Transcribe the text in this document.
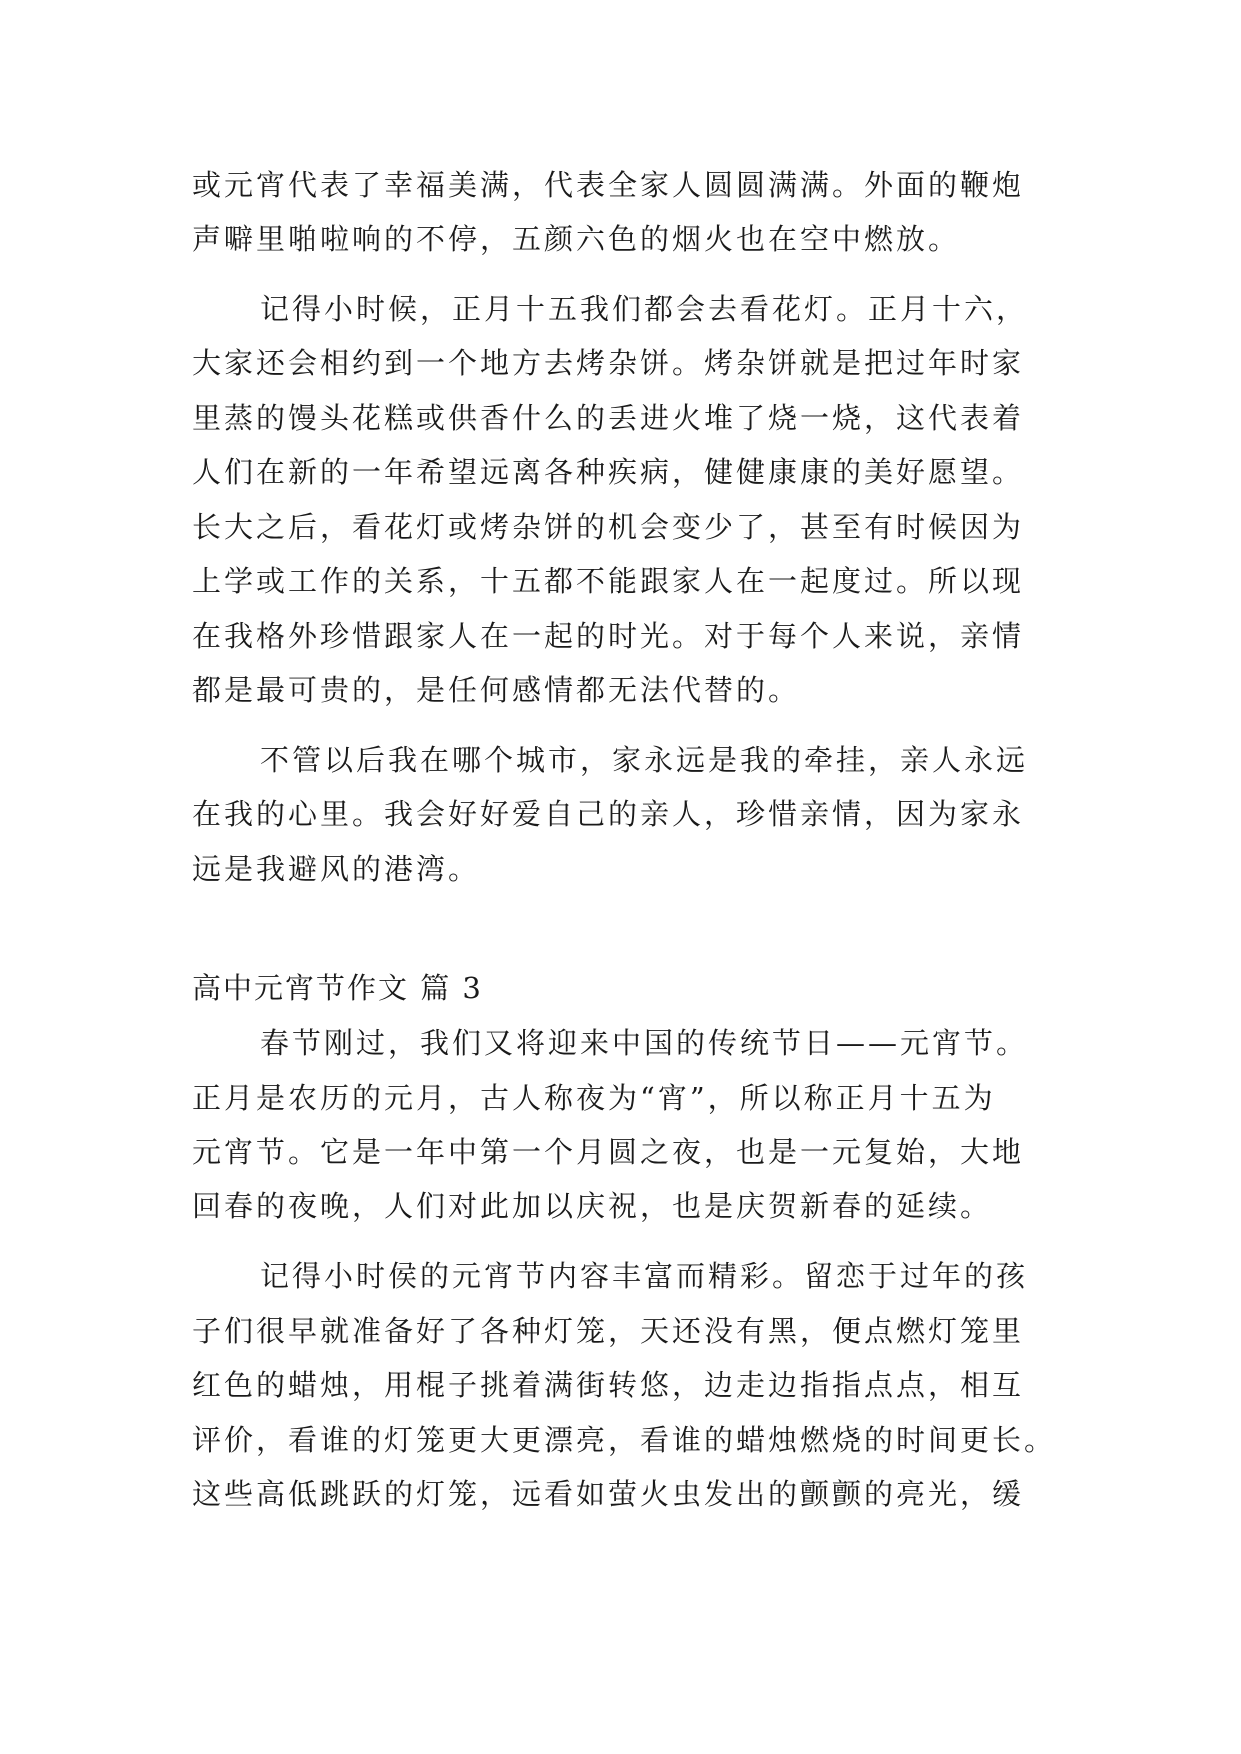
或元宵代表了幸福美满，代表全家人圆圆满满。外面的鞭炮
声噼里啪啦响的不停，五颜六色的烟火也在空中燃放。
记得小时候，正月十五我们都会去看花灯。正月十六，
大家还会相约到一个地方去烤杂饼。烤杂饼就是把过年时家
里蒸的馒头花糕或供香什么的丢进火堆了烧一烧，这代表着
人们在新的一年希望远离各种疾病，健健康康的美好愿望。
长大之后，看花灯或烤杂饼的机会变少了，甚至有时候因为
上学或工作的关系，十五都不能跟家人在一起度过。所以现
在我格外珍惜跟家人在一起的时光。对于每个人来说，亲情
都是最可贵的，是任何感情都无法代替的。
不管以后我在哪个城市，家永远是我的牵挂，亲人永远
在我的心里。我会好好爱自己的亲人，珍惜亲情，因为家永
远是我避风的港湾。
高中元宵节作文 篇 3
春节刚过，我们又将迎来中国的传统节日——元宵节。
正月是农历的元月，古人称夜为“宵”，所以称正月十五为
元宵节。它是一年中第一个月圆之夜，也是一元复始，大地
回春的夜晚，人们对此加以庆祝，也是庆贺新春的延续。
记得小时侯的元宵节内容丰富而精彩。留恋于过年的孩
子们很早就准备好了各种灯笼，天还没有黑，便点燃灯笼里
红色的蜡烛，用棍子挑着满街转悠，边走边指指点点，相互
评价，看谁的灯笼更大更漂亮，看谁的蜡烛燃烧的时间更长。
这些高低跳跃的灯笼，远看如萤火虫发出的颤颤的亮光，缓
